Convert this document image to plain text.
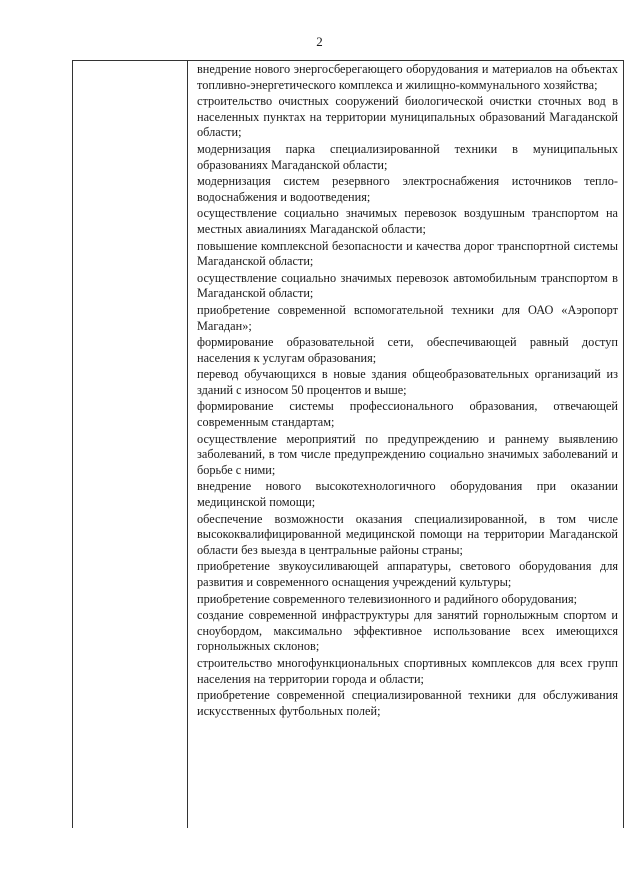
2

внедрение нового энергосберегающего оборудования и материалов на объектах топливно-энергетического комплекса и жилищно-коммунального хозяйства;

строительство очистных сооружений биологической очистки сточных вод в населенных пунктах на территории муниципальных образований Магаданской области;

модернизация парка специализированной техники в муниципальных образованиях Магаданской области;

модернизация систем резервного электроснабжения источников тепло-водоснабжения и водоотведения;

осуществление социально значимых перевозок воздушным транспортом на местных авиалиниях Магаданской области;

повышение комплексной безопасности и качества дорог транспортной системы Магаданской области;

осуществление социально значимых перевозок автомобильным транспортом в Магаданской области;

приобретение современной вспомогательной техники для ОАО «Аэропорт Магадан»;

формирование образовательной сети, обеспечивающей равный доступ населения к услугам образования;

перевод обучающихся в новые здания общеобразовательных организаций из зданий с износом 50 процентов и выше;

формирование системы профессионального образования, отвечающей современным стандартам;

осуществление мероприятий по предупреждению и раннему выявлению заболеваний, в том числе предупреждению социально значимых заболеваний и борьбе с ними;

внедрение нового высокотехнологичного оборудования при оказании медицинской помощи;

обеспечение возможности оказания специализированной, в том числе высококвалифицированной медицинской помощи на территории Магаданской области без выезда в центральные районы страны;

приобретение звукоусиливающей аппаратуры, светового оборудования для развития и современного оснащения учреждений культуры;

приобретение современного телевизионного и радийного оборудования;

создание современной инфраструктуры для занятий горнолыжным спортом и сноубордом, максимально эффективное использование всех имеющихся горнолыжных склонов;

строительство многофункциональных спортивных комплексов для всех групп населения на территории города и области;

приобретение современной специализированной техники для обслуживания искусственных футбольных полей;
